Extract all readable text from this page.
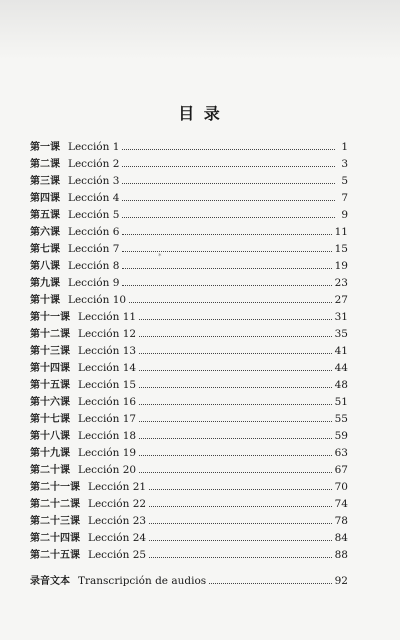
目 录
第一课 Lección 1	1
第二课 Lección 2	3
第三课 Lección 3	5
第四课 Lección 4	7
第五课 Lección 5	9
第六课 Lección 6	11
第七课 Lección 7	15
第八课 Lección 8	19
第九课 Lección 9	23
第十课 Lección 10	27
第十一课 Lección 11	31
第十二课 Lección 12	35
第十三课 Lección 13	41
第十四课 Lección 14	44
第十五课 Lección 15	48
第十六课 Lección 16	51
第十七课 Lección 17	55
第十八课 Lección 18	59
第十九课 Lección 19	63
第二十课 Lección 20	67
第二十一课 Lección 21	70
第二十二课 Lección 22	74
第二十三课 Lección 23	78
第二十四课 Lección 24	84
第二十五课 Lección 25	88
录音文本 Transcripción de audios	92
*
